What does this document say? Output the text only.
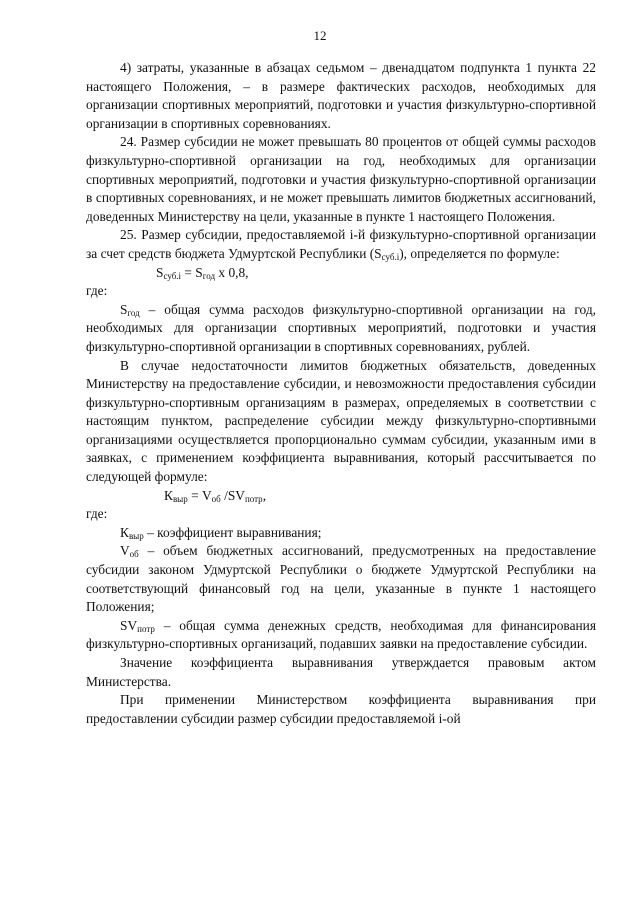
12

4) затраты, указанные в абзацах седьмом – двенадцатом подпункта 1 пункта 22 настоящего Положения, – в размере фактических расходов, необходимых для организации спортивных мероприятий, подготовки и участия физкультурно-спортивной организации в спортивных соревнованиях.

24. Размер субсидии не может превышать 80 процентов от общей суммы расходов физкультурно-спортивной организации на год, необходимых для организации спортивных мероприятий, подготовки и участия физкультурно-спортивной организации в спортивных соревнованиях, и не может превышать лимитов бюджетных ассигнований, доведенных Министерству на цели, указанные в пункте 1 настоящего Положения.

25. Размер субсидии, предоставляемой i-й физкультурно-спортивной организации за счет средств бюджета Удмуртской Республики $(S_{суб.i})$, определяется по формуле:

$S_{суб.i} = S_{год}$ x 0,8,

где:

$S_{год}$ – общая сумма расходов физкультурно-спортивной организации на год, необходимых для организации спортивных мероприятий, подготовки и участия физкультурно-спортивной организации в спортивных соревнованиях, рублей.

В случае недостаточности лимитов бюджетных обязательств, доведенных Министерству на предоставление субсидии, и невозможности предоставления субсидии физкультурно-спортивным организациям в размерах, определяемых в соответствии с настоящим пунктом, распределение субсидии между физкультурно-спортивными организациями осуществляется пропорционально суммам субсидии, указанным ими в заявках, с применением коэффициента выравнивания, который рассчитывается по следующей формуле:

$К_{выр} = V_{об}$ $/SV_{потр}$,

где:

$К_{выр}$ – коэффициент выравнивания;

$V_{об}$ – объем бюджетных ассигнований, предусмотренных на предоставление субсидии законом Удмуртской Республики о бюджете Удмуртской Республики на соответствующий финансовый год на цели, указанные в пункте 1 настоящего Положения;

$SV_{потр}$ – общая сумма денежных средств, необходимая для финансирования физкультурно-спортивных организаций, подавших заявки на предоставление субсидии.

Значение коэффициента выравнивания утверждается правовым актом Министерства.

При применении Министерством коэффициента выравнивания при предоставлении субсидии размер субсидии предоставляемой i-ой
